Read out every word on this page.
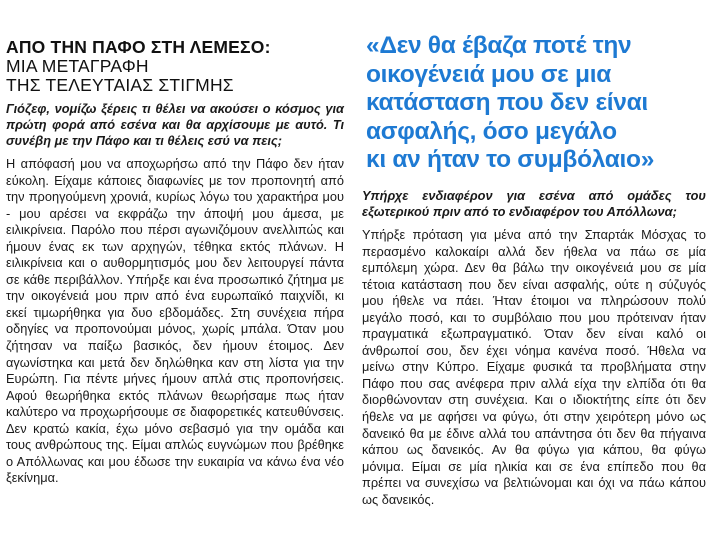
ΑΠΟ ΤΗΝ ΠΑΦΟ ΣΤΗ ΛΕΜΕΣΟ:
ΜΙΑ ΜΕΤΑΓΡΑΦΗ
ΤΗΣ ΤΕΛΕΥΤΑΙΑΣ ΣΤΙΓΜΗΣ
Γιόζεφ, νομίζω ξέρεις τι θέλει να ακούσει ο κόσμος για πρώτη φορά από εσένα και θα αρχίσουμε με αυτό. Τι συνέβη με την Πάφο και τι θέλεις εσύ να πεις;
Η απόφασή μου να αποχωρήσω από την Πάφο δεν ήταν εύκολη. Είχαμε κάποιες διαφωνίες με τον προπονητή από την προηγούμενη χρονιά, κυρίως λόγω του χαρακτήρα μου - μου αρέσει να εκφράζω την άποψή μου άμεσα, με ειλικρίνεια. Παρόλο που πέρσι αγωνιζόμουν ανελλιπώς και ήμουν ένας εκ των αρχηγών, τέθηκα εκτός πλάνων. Η ειλικρίνεια και ο αυθορμητισμός μου δεν λειτουργεί πάντα σε κάθε περιβάλλον. Υπήρξε και ένα προσωπικό ζήτημα με την οικογένειά μου πριν από ένα ευρωπαϊκό παιχνίδι, κι εκεί τιμωρήθηκα για δυο εβδομάδες. Στη συνέχεια πήρα οδηγίες να προπονούμαι μόνος, χωρίς μπάλα. Όταν μου ζήτησαν να παίξω βασικός, δεν ήμουν έτοιμος. Δεν αγωνίστηκα και μετά δεν δηλώθηκα καν στη λίστα για την Ευρώπη. Για πέντε μήνες ήμουν απλά στις προπονήσεις. Αφού θεωρήθηκα εκτός πλάνων θεωρήσαμε πως ήταν καλύτερο να προχωρήσουμε σε διαφορετικές κατευθύνσεις. Δεν κρατώ κακία, έχω μόνο σεβασμό για την ομάδα και τους ανθρώπους της. Είμαι απλώς ευγνώμων που βρέθηκε ο Απόλλωνας και μου έδωσε την ευκαιρία να κάνω ένα νέο ξεκίνημα.
«Δεν θα έβαζα ποτέ την
οικογένειά μου σε μια
κατάσταση που δεν είναι
ασφαλής, όσο μεγάλο
κι αν ήταν το συμβόλαιο»
Υπήρχε ενδιαφέρον για εσένα από ομάδες του εξωτερικού πριν από το ενδιαφέρον του Απόλλωνα;
Υπήρξε πρόταση για μένα από την Σπαρτάκ Μόσχας το περασμένο καλοκαίρι αλλά δεν ήθελα να πάω σε μία εμπόλεμη χώρα. Δεν θα βάλω την οικογένειά μου σε μία τέτοια κατάσταση που δεν είναι ασφαλής, ούτε η σύζυγός μου ήθελε να πάει. Ήταν έτοιμοι να πληρώσουν πολύ μεγάλο ποσό, και το συμβόλαιο που μου πρότειναν ήταν πραγματικά εξωπραγματικό. Όταν δεν είναι καλό οι άνθρωποί σου, δεν έχει νόημα κανένα ποσό. Ήθελα να μείνω στην Κύπρο. Είχαμε φυσικά τα προβλήματα στην Πάφο που σας ανέφερα πριν αλλά είχα την ελπίδα ότι θα διορθώνονταν στη συνέχεια. Και ο ιδιοκτήτης είπε ότι δεν ήθελε να με αφήσει να φύγω, ότι στην χειρότερη μόνο ως δανεικό θα με έδινε αλλά του απάντησα ότι δεν θα πήγαινα κάπου ως δανεικός. Αν θα φύγω για κάπου, θα φύγω μόνιμα. Είμαι σε μία ηλικία και σε ένα επίπεδο που θα πρέπει να συνεχίσω να βελτιώνομαι και όχι να πάω κάπου ως δανεικός.
